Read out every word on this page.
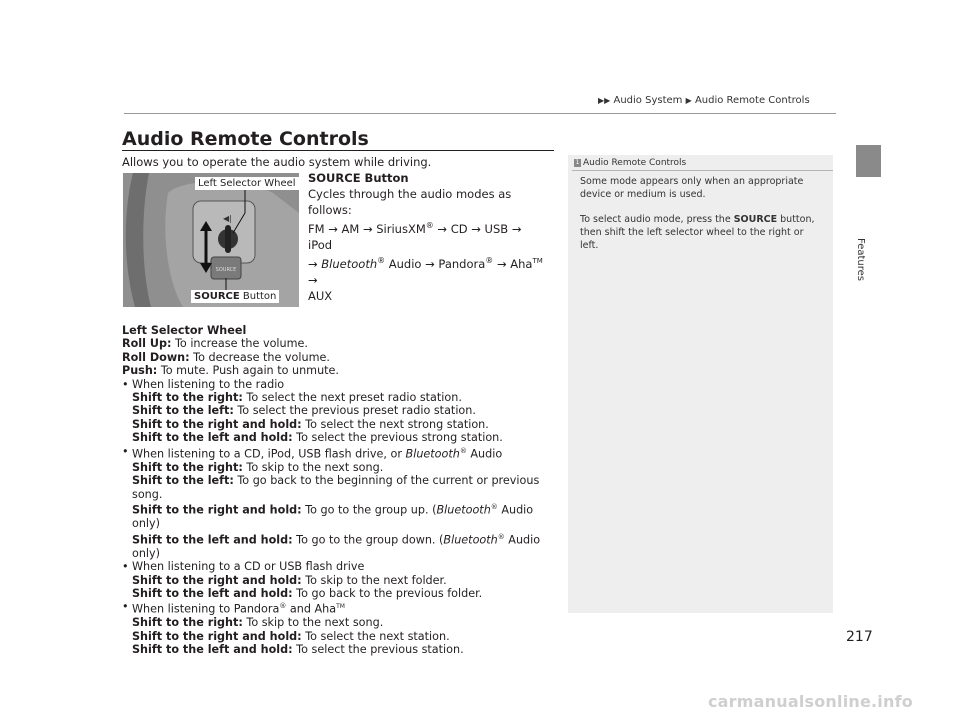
▶▶ Audio System ▶ Audio Remote Controls
Features
Audio Remote Controls
Allows you to operate the audio system while driving.
SOURCE
◀|
Left Selector Wheel
SOURCE Button
SOURCE Button
Cycles through the audio modes as follows:
FM → AM → SiriusXM® → CD → USB → iPod
→ Bluetooth® Audio → Pandora® → Aha™ →
AUX

Left Selector Wheel

Roll Up: To increase the volume.

Roll Down: To decrease the volume.

Push: To mute. Push again to unmute.

• When listening to the radio

Shift to the right: To select the next preset radio station.

Shift to the left: To select the previous preset radio station.

Shift to the right and hold: To select the next strong station.

Shift to the left and hold: To select the previous strong station.

• When listening to a CD, iPod, USB flash drive, or Bluetooth® Audio

Shift to the right: To skip to the next song.

Shift to the left: To go back to the beginning of the current or previous song.

Shift to the right and hold: To go to the group up. (Bluetooth® Audio only)

Shift to the left and hold: To go to the group down. (Bluetooth® Audio only)

• When listening to a CD or USB flash drive

Shift to the right and hold: To skip to the next folder.

Shift to the left and hold: To go back to the previous folder.

• When listening to Pandora® and Aha™

Shift to the right: To skip to the next song.

Shift to the right and hold: To select the next station.

Shift to the left and hold: To select the previous station.

1 Audio Remote Controls
Some mode appears only when an appropriate device or medium is used.
To select audio mode, press the SOURCE button, then shift the left selector wheel to the right or left.
217
carmanualsonline.info
